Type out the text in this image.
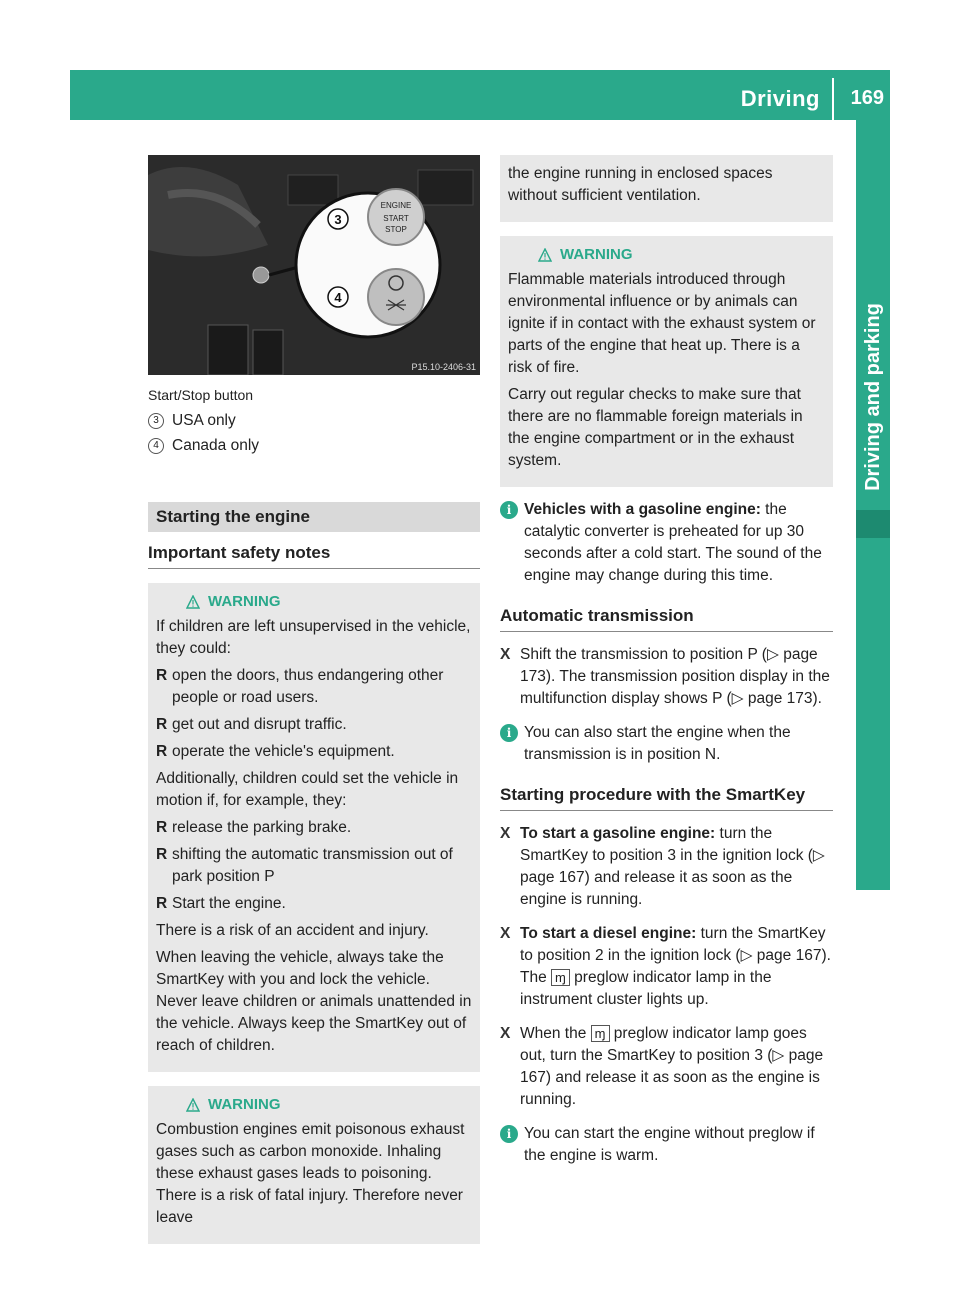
Driving 169
Driving and parking
ENGINE
START
STOP
3
4
P15.10-2406-31
Start/Stop button
3 USA only
4 Canada only
Starting the engine
Important safety notes
WARNING

If children are left unsupervised in the vehicle, they could:

R open the doors, thus endangering other people or road users.
R get out and disrupt traffic.
R operate the vehicle's equipment.

Additionally, children could set the vehicle in motion if, for example, they:

R release the parking brake.
R shifting the automatic transmission out of park position P
R Start the engine.

There is a risk of an accident and injury.

When leaving the vehicle, always take the SmartKey with you and lock the vehicle. Never leave children or animals unattended in the vehicle. Always keep the SmartKey out of reach of children.

WARNING

Combustion engines emit poisonous exhaust gases such as carbon monoxide. Inhaling these exhaust gases leads to poisoning. There is a risk of fatal injury. Therefore never leave

the engine running in enclosed spaces without sufficient ventilation.

WARNING

Flammable materials introduced through environmental influence or by animals can ignite if in contact with the exhaust system or parts of the engine that heat up. There is a risk of fire.

Carry out regular checks to make sure that there are no flammable foreign materials in the engine compartment or in the exhaust system.

i Vehicles with a gasoline engine: the catalytic converter is preheated for up 30 seconds after a cold start. The sound of the engine may change during this time.
Automatic transmission
X Shift the transmission to position P (▷ page 173). The transmission position display in the multifunction display shows P (▷ page 173).
i You can also start the engine when the transmission is in position N.
Starting procedure with the SmartKey
X To start a gasoline engine: turn the SmartKey to position 3 in the ignition lock (▷ page 167) and release it as soon as the engine is running.
X To start a diesel engine: turn the SmartKey to position 2 in the ignition lock (▷ page 167).
The ɱ preglow indicator lamp in the instrument cluster lights up.
X When the ɱ preglow indicator lamp goes out, turn the SmartKey to position 3 (▷ page 167) and release it as soon as the engine is running.
i You can start the engine without preglow if the engine is warm.
